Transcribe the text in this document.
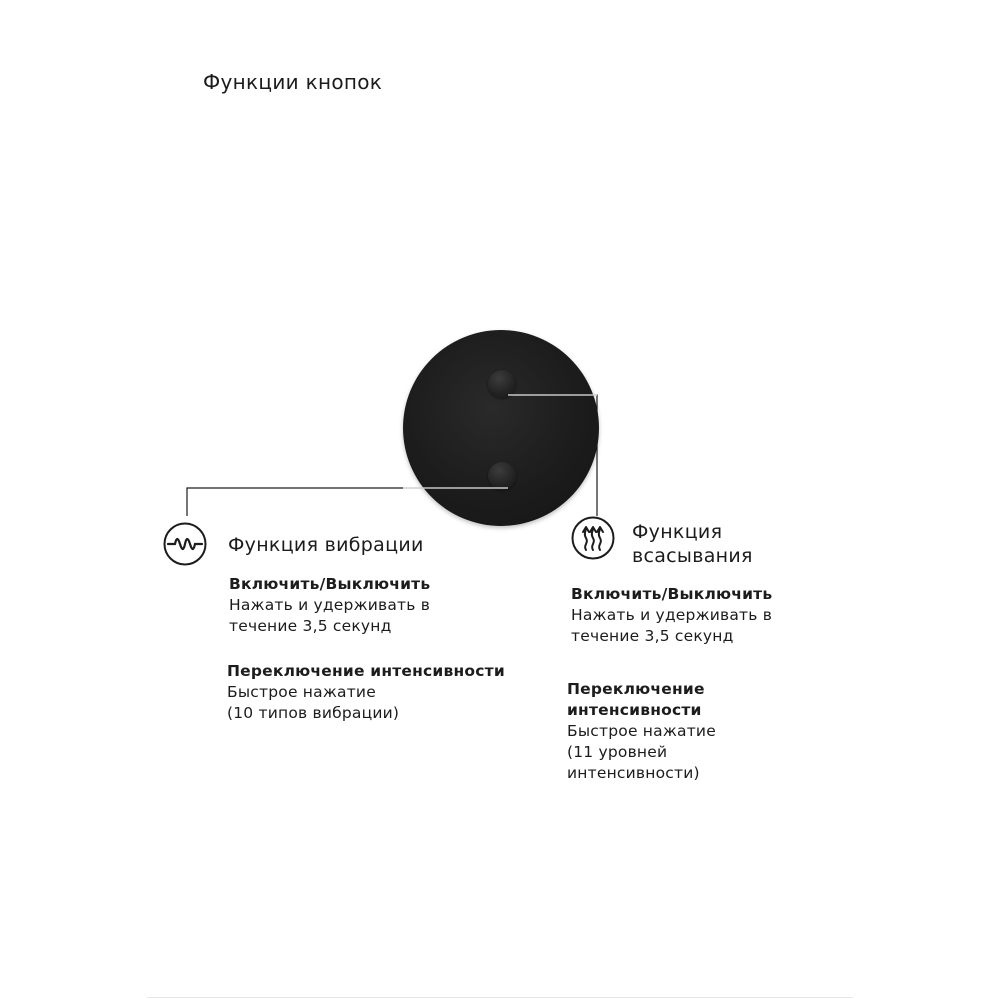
Функции кнопок
Функция вибрации
Включить/Выключить
Нажать и удерживать в
течение 3,5 секунд
Переключение интенсивности
Быстрое нажатие
(10 типов вибрации)
Функция
всасывания
Включить/Выключить
Нажать и удерживать в
течение 3,5 секунд
Переключение
интенсивности
Быстрое нажатие
(11 уровней
интенсивности)
